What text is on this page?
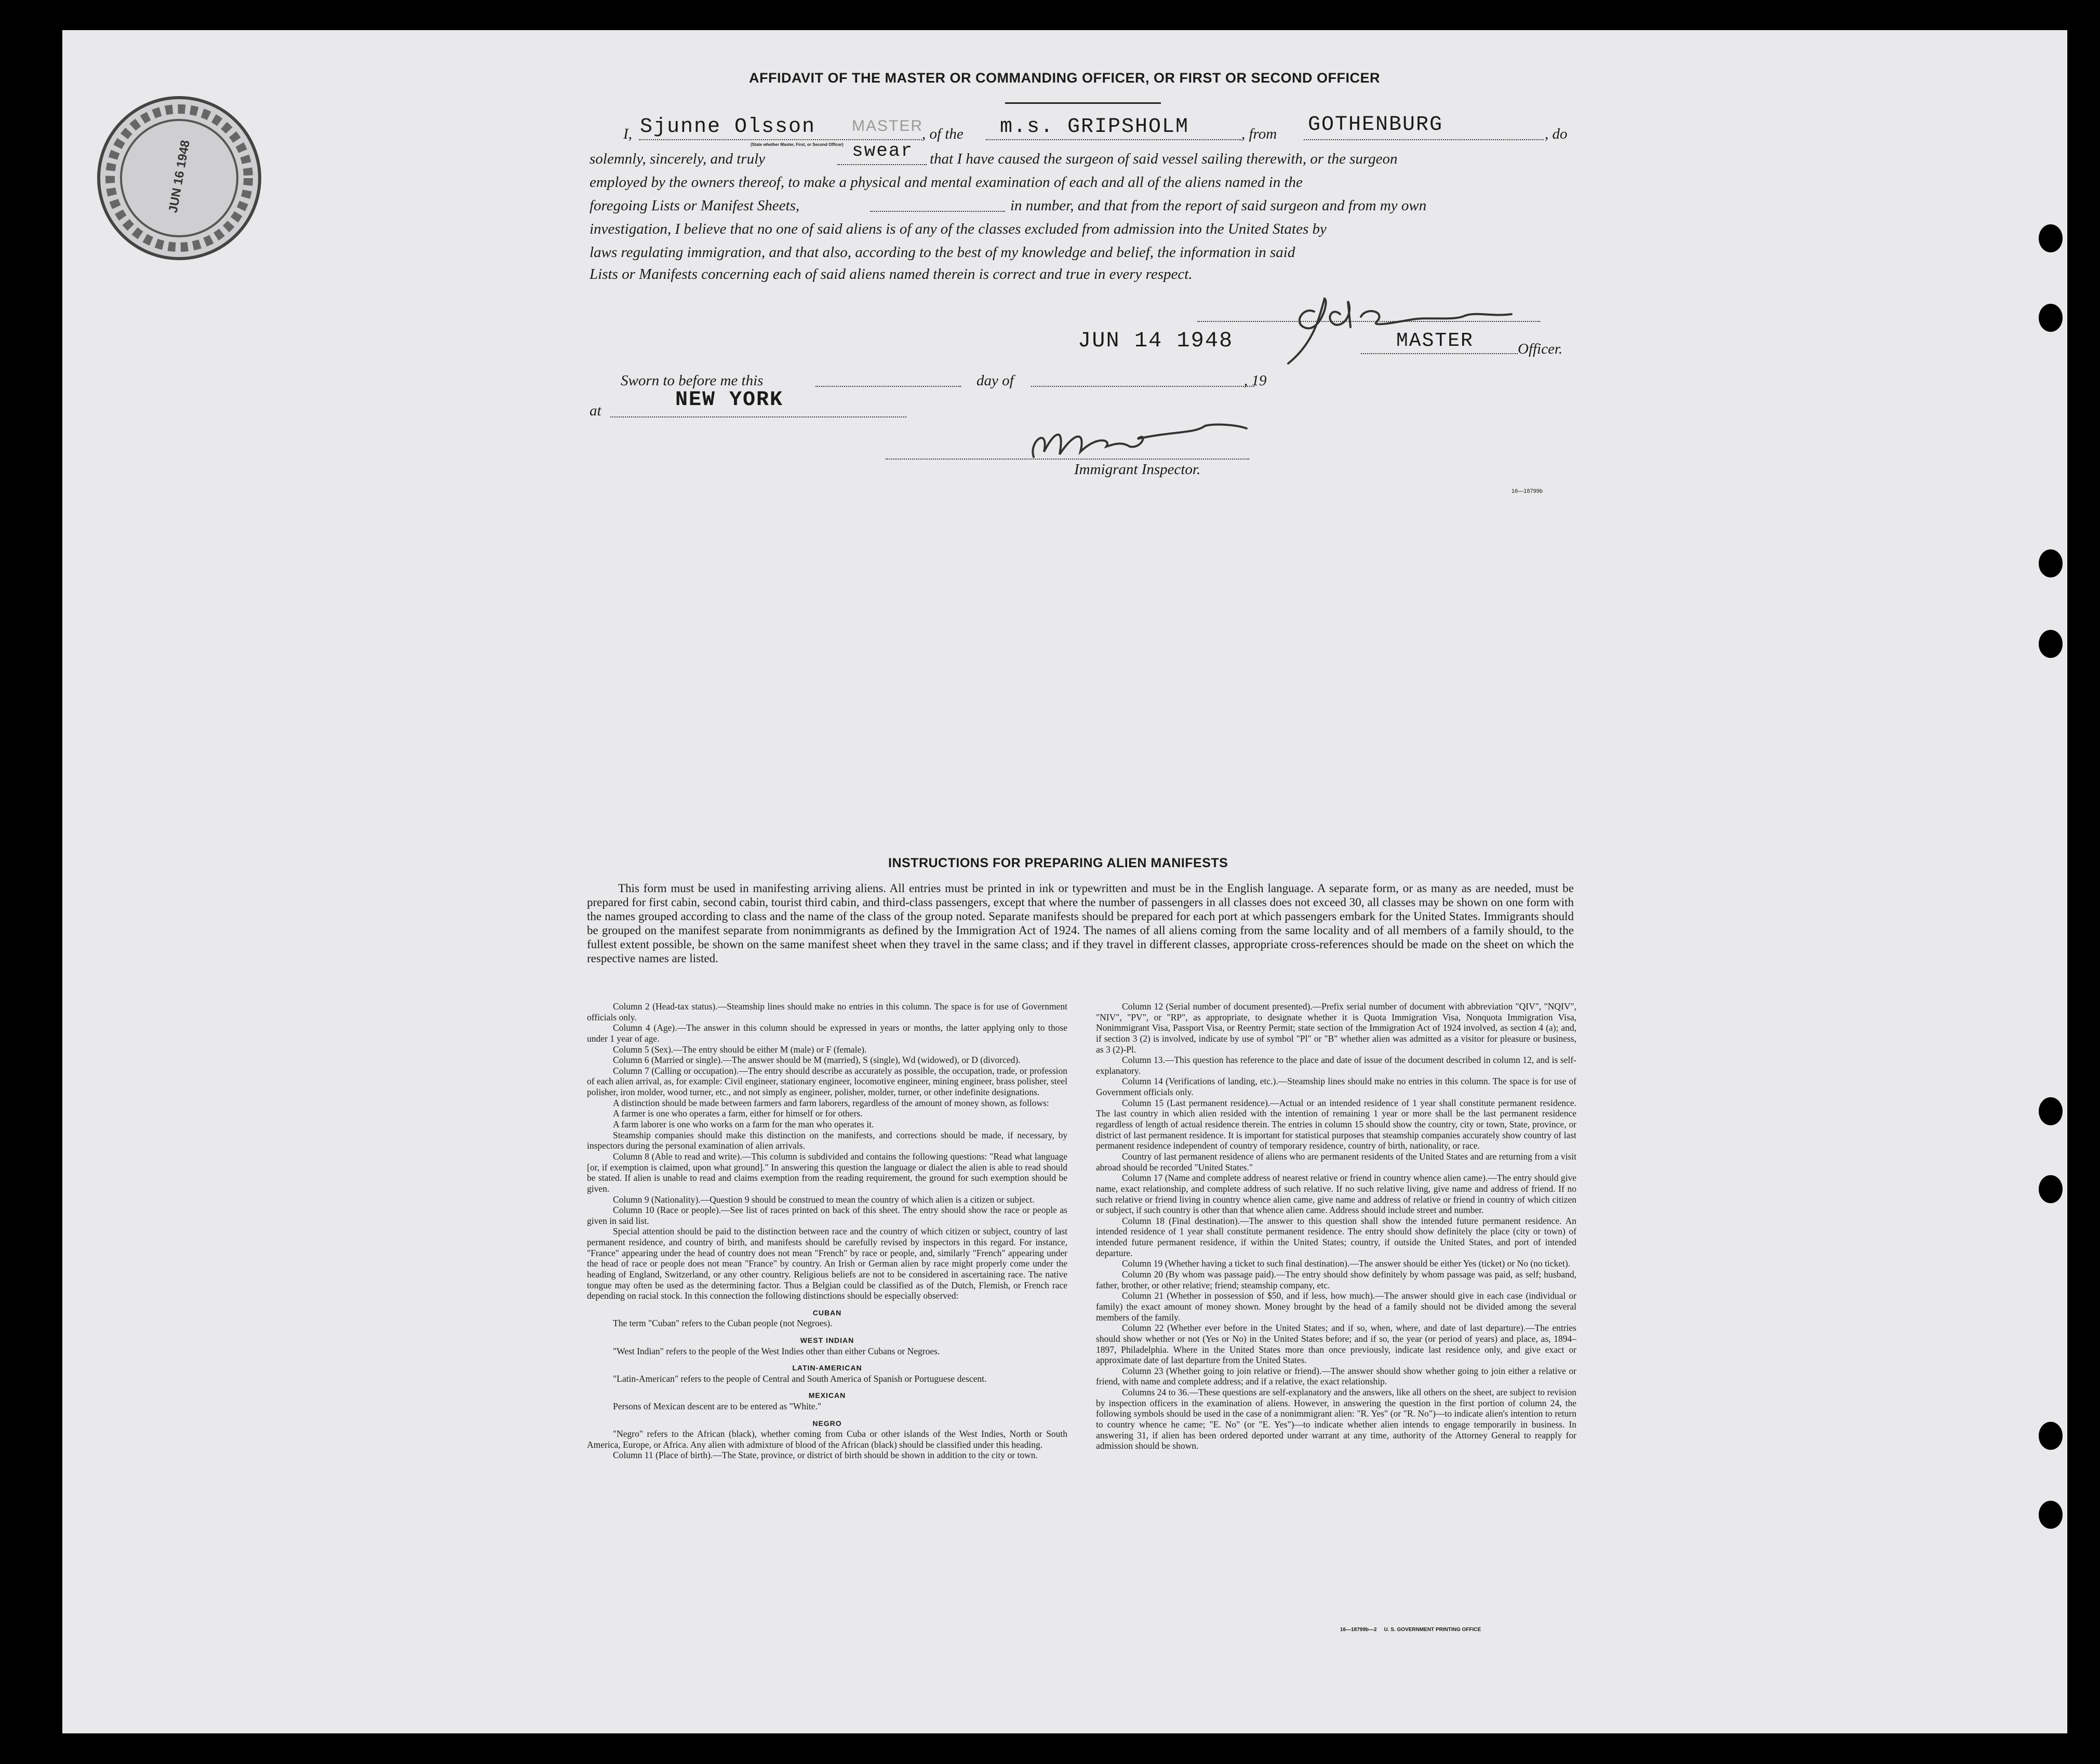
JUN 16 1948
AFFIDAVIT OF THE MASTER OR COMMANDING OFFICER, OR FIRST OR SECOND OFFICER
I, Sjunne Olsson MASTER
(State whether Master, First, or Second Officer)
, of the m.s. GRIPSHOLM	, from GOTHENBURG	, do
solemnly, sincerely, and truly	swear that I have caused the surgeon of said vessel sailing therewith, or the surgeon
employed by the owners thereof, to make a physical and mental examination of each and all of the aliens named in the
foregoing Lists or Manifest Sheets,	in number, and that from the report of said surgeon and from my own
investigation, I believe that no one of said aliens is of any of the classes excluded from admission into the United States by
laws regulating immigration, and that also, according to the best of my knowledge and belief, the information in said
Lists or Manifests concerning each of said aliens named therein is correct and true in every respect.
JUN 14 1948	MASTER	Officer.
Sworn to before me this	day of	, 19
at	NEW YORK
Immigrant Inspector.
16—18799b
INSTRUCTIONS FOR PREPARING ALIEN MANIFESTS
This form must be used in manifesting arriving aliens. All entries must be printed in ink or typewritten and must be in the English language. A separate form, or as many as are needed, must be prepared for first cabin, second cabin, tourist third cabin, and third-class passengers, except that where the number of passengers in all classes does not exceed 30, all classes may be shown on one form with the names grouped according to class and the name of the class of the group noted. Separate manifests should be prepared for each port at which passengers embark for the United States. Immigrants should be grouped on the manifest separate from nonimmigrants as defined by the Immigration Act of 1924. The names of all aliens coming from the same locality and of all members of a family should, to the fullest extent possible, be shown on the same manifest sheet when they travel in the same class; and if they travel in different classes, appropriate cross-references should be made on the sheet on which the respective names are listed.

Column 2 (Head-tax status).—Steamship lines should make no entries in this column. The space is for use of Government officials only.

Column 4 (Age).—The answer in this column should be expressed in years or months, the latter applying only to those under 1 year of age.

Column 5 (Sex).—The entry should be either M (male) or F (female).

Column 6 (Married or single).—The answer should be M (married), S (single), Wd (widowed), or D (divorced).

Column 7 (Calling or occupation).—The entry should describe as accurately as possible, the occupation, trade, or profession of each alien arrival, as, for example: Civil engineer, stationary engineer, locomotive engineer, mining engineer, brass polisher, steel polisher, iron molder, wood turner, etc., and not simply as engineer, polisher, molder, turner, or other indefinite designations.

A distinction should be made between farmers and farm laborers, regardless of the amount of money shown, as follows:

A farmer is one who operates a farm, either for himself or for others.

A farm laborer is one who works on a farm for the man who operates it.

Steamship companies should make this distinction on the manifests, and corrections should be made, if necessary, by inspectors during the personal examination of alien arrivals.

Column 8 (Able to read and write).—This column is subdivided and contains the following questions: "Read what language [or, if exemption is claimed, upon what ground]." In answering this question the language or dialect the alien is able to read should be stated. If alien is unable to read and claims exemption from the reading requirement, the ground for such exemption should be given.

Column 9 (Nationality).—Question 9 should be construed to mean the country of which alien is a citizen or subject.

Column 10 (Race or people).—See list of races printed on back of this sheet. The entry should show the race or people as given in said list.

Special attention should be paid to the distinction between race and the country of which citizen or subject, country of last permanent residence, and country of birth, and manifests should be carefully revised by inspectors in this regard. For instance, "France" appearing under the head of country does not mean "French" by race or people, and, similarly "French" appearing under the head of race or people does not mean "France" by country. An Irish or German alien by race might properly come under the heading of England, Switzerland, or any other country. Religious beliefs are not to be considered in ascertaining race. The native tongue may often be used as the determining factor. Thus a Belgian could be classified as of the Dutch, Flemish, or French race depending on racial stock. In this connection the following distinctions should be especially observed:

CUBAN

The term "Cuban" refers to the Cuban people (not Negroes).

WEST INDIAN

"West Indian" refers to the people of the West Indies other than either Cubans or Negroes.

LATIN-AMERICAN

"Latin-American" refers to the people of Central and South America of Spanish or Portuguese descent.

MEXICAN

Persons of Mexican descent are to be entered as "White."

NEGRO

"Negro" refers to the African (black), whether coming from Cuba or other islands of the West Indies, North or South America, Europe, or Africa. Any alien with admixture of blood of the African (black) should be classified under this heading.

Column 11 (Place of birth).—The State, province, or district of birth should be shown in addition to the city or town.

Column 12 (Serial number of document presented).—Prefix serial number of document with abbreviation "QIV", "NQIV", "NIV", "PV", or "RP", as appropriate, to designate whether it is Quota Immigration Visa, Nonquota Immigration Visa, Nonimmigrant Visa, Passport Visa, or Reentry Permit; state section of the Immigration Act of 1924 involved, as section 4 (a); and, if section 3 (2) is involved, indicate by use of symbol "Pl" or "B" whether alien was admitted as a visitor for pleasure or business, as 3 (2)-Pl.

Column 13.—This question has reference to the place and date of issue of the document described in column 12, and is self-explanatory.

Column 14 (Verifications of landing, etc.).—Steamship lines should make no entries in this column. The space is for use of Government officials only.

Column 15 (Last permanent residence).—Actual or an intended residence of 1 year shall constitute permanent residence. The last country in which alien resided with the intention of remaining 1 year or more shall be the last permanent residence regardless of length of actual residence therein. The entries in column 15 should show the country, city or town, State, province, or district of last permanent residence. It is important for statistical purposes that steamship companies accurately show country of last permanent residence independent of country of temporary residence, country of birth, nationality, or race.

Country of last permanent residence of aliens who are permanent residents of the United States and are returning from a visit abroad should be recorded "United States."

Column 17 (Name and complete address of nearest relative or friend in country whence alien came).—The entry should give name, exact relationship, and complete address of such relative. If no such relative living, give name and address of friend. If no such relative or friend living in country whence alien came, give name and address of relative or friend in country of which citizen or subject, if such country is other than that whence alien came. Address should include street and number.

Column 18 (Final destination).—The answer to this question shall show the intended future permanent residence. An intended residence of 1 year shall constitute permanent residence. The entry should show definitely the place (city or town) of intended future permanent residence, if within the United States; country, if outside the United States, and port of intended departure.

Column 19 (Whether having a ticket to such final destination).—The answer should be either Yes (ticket) or No (no ticket).

Column 20 (By whom was passage paid).—The entry should show definitely by whom passage was paid, as self; husband, father, brother, or other relative; friend; steamship company, etc.

Column 21 (Whether in possession of $50, and if less, how much).—The answer should give in each case (individual or family) the exact amount of money shown. Money brought by the head of a family should not be divided among the several members of the family.

Column 22 (Whether ever before in the United States; and if so, when, where, and date of last departure).—The entries should show whether or not (Yes or No) in the United States before; and if so, the year (or period of years) and place, as, 1894–1897, Philadelphia. Where in the United States more than once previously, indicate last residence only, and give exact or approximate date of last departure from the United States.

Column 23 (Whether going to join relative or friend).—The answer should show whether going to join either a relative or friend, with name and complete address; and if a relative, the exact relationship.

Columns 24 to 36.—These questions are self-explanatory and the answers, like all others on the sheet, are subject to revision by inspection officers in the examination of aliens. However, in answering the question in the first portion of column 24, the following symbols should be used in the case of a nonimmigrant alien: "R. Yes" (or "R. No")—to indicate alien's intention to return to country whence he came; "E. No" (or "E. Yes")—to indicate whether alien intends to engage temporarily in business. In answering 31, if alien has been ordered deported under warrant at any time, authority of the Attorney General to reapply for admission should be shown.

16—18799b—2     U. S. GOVERNMENT PRINTING OFFICE
